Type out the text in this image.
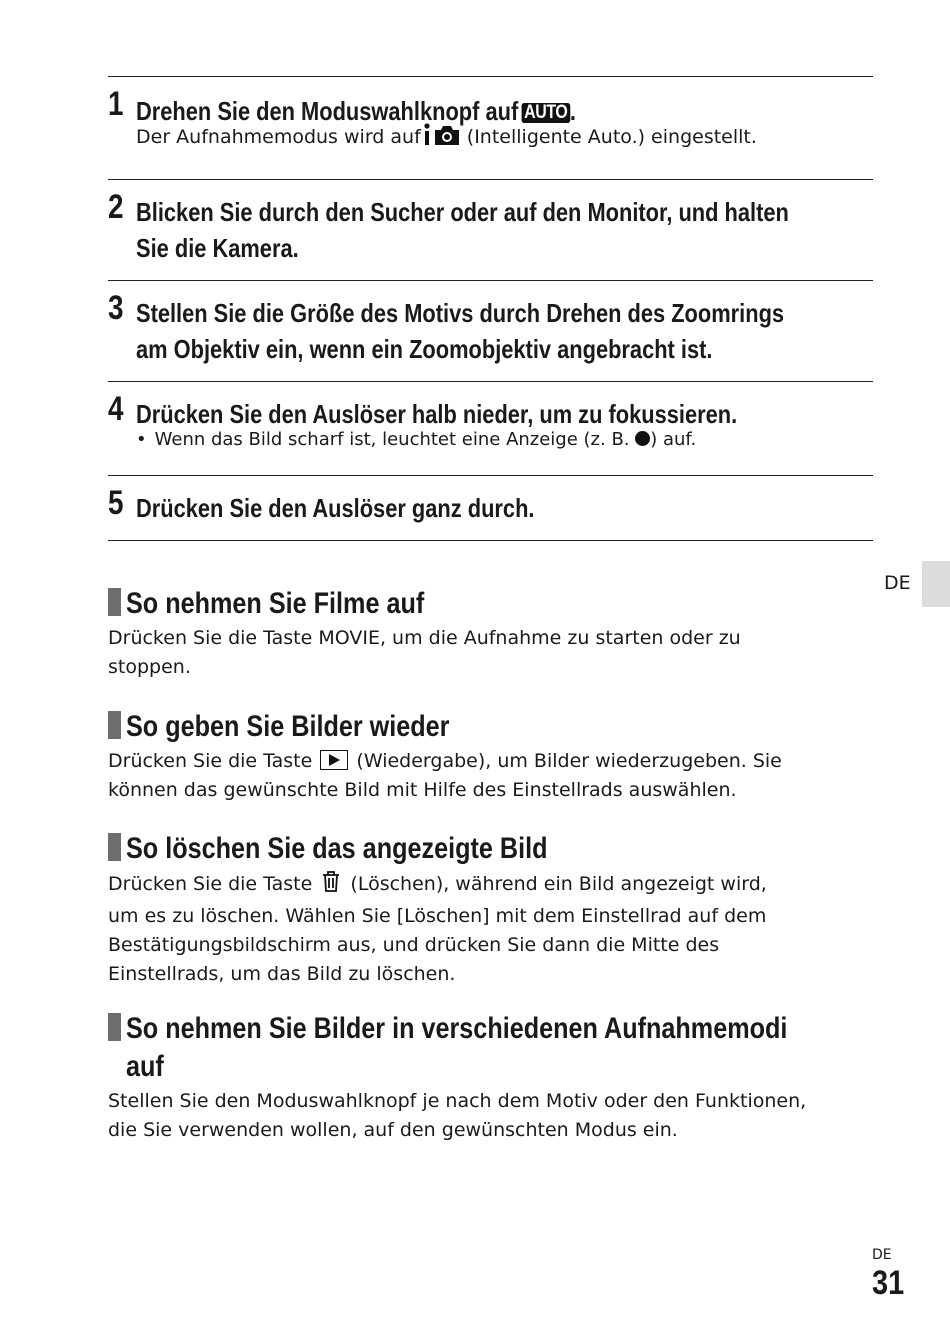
1 Drehen Sie den Moduswahlknopf auf AUTO.
Der Aufnahmemodus wird auf (Intelligente Auto.) eingestellt.
2 Blicken Sie durch den Sucher oder auf den Monitor, und halten
Sie die Kamera.
3 Stellen Sie die Größe des Motivs durch Drehen des Zoomrings
am Objektiv ein, wenn ein Zoomobjektiv angebracht ist.
4 Drücken Sie den Auslöser halb nieder, um zu fokussieren.
• Wenn das Bild scharf ist, leuchtet eine Anzeige (z. B. ) auf.
5 Drücken Sie den Auslöser ganz durch.
So nehmen Sie Filme auf
Drücken Sie die Taste MOVIE, um die Aufnahme zu starten oder zu
stoppen.
So geben Sie Bilder wieder
Drücken Sie die Taste (Wiedergabe), um Bilder wiederzugeben. Sie
können das gewünschte Bild mit Hilfe des Einstellrads auswählen.
So löschen Sie das angezeigte Bild
Drücken Sie die Taste (Löschen), während ein Bild angezeigt wird,
um es zu löschen. Wählen Sie [Löschen] mit dem Einstellrad auf dem
Bestätigungsbildschirm aus, und drücken Sie dann die Mitte des
Einstellrads, um das Bild zu löschen.
So nehmen Sie Bilder in verschiedenen Aufnahmemodi
auf
Stellen Sie den Moduswahlknopf je nach dem Motiv oder den Funktionen,
die Sie verwenden wollen, auf den gewünschten Modus ein.
DE
DE
31
